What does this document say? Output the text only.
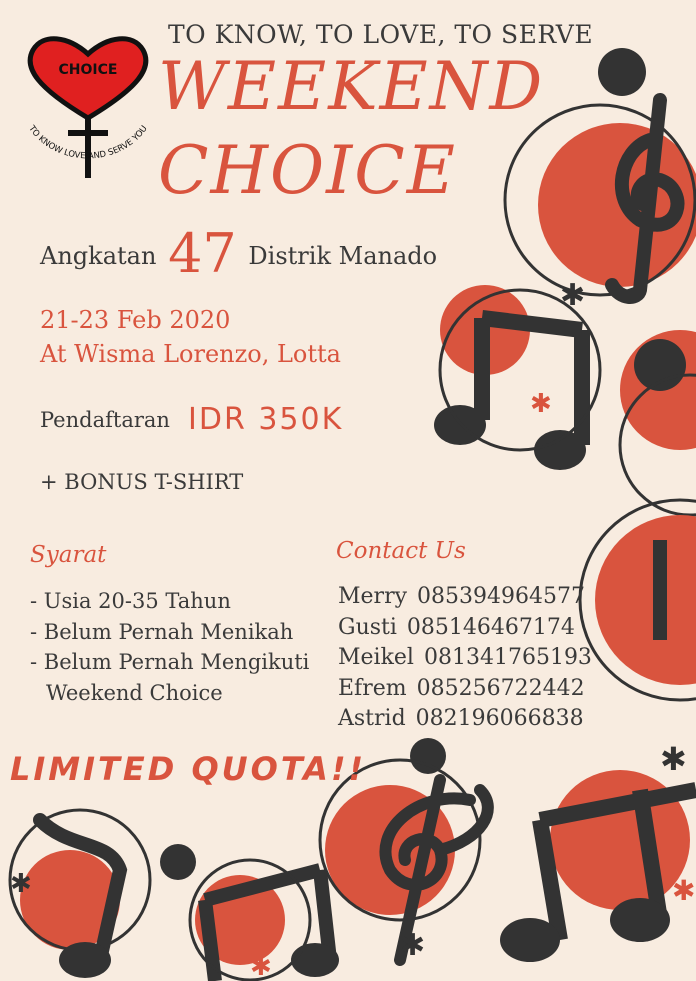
✱
✱
✱
✱
✱
✱
✱
CHOICE
TO KNOW LOVE AND SERVE YOU
TO KNOW, TO LOVE, TO SERVE
WEEKEND
CHOICE
Angkatan 47 Distrik Manado
21-23 Feb 2020
At Wisma Lorenzo, Lotta
Pendaftaran IDR 350K
+ BONUS T-SHIRT
Syarat
- Usia 20-35 Tahun
- Belum Pernah Menikah
- Belum Pernah Mengikuti
Weekend Choice
Contact Us
Merry 085394964577
Gusti 085146467174
Meikel 081341765193
Efrem 085256722442
Astrid 082196066838
LIMITED QUOTA!!
